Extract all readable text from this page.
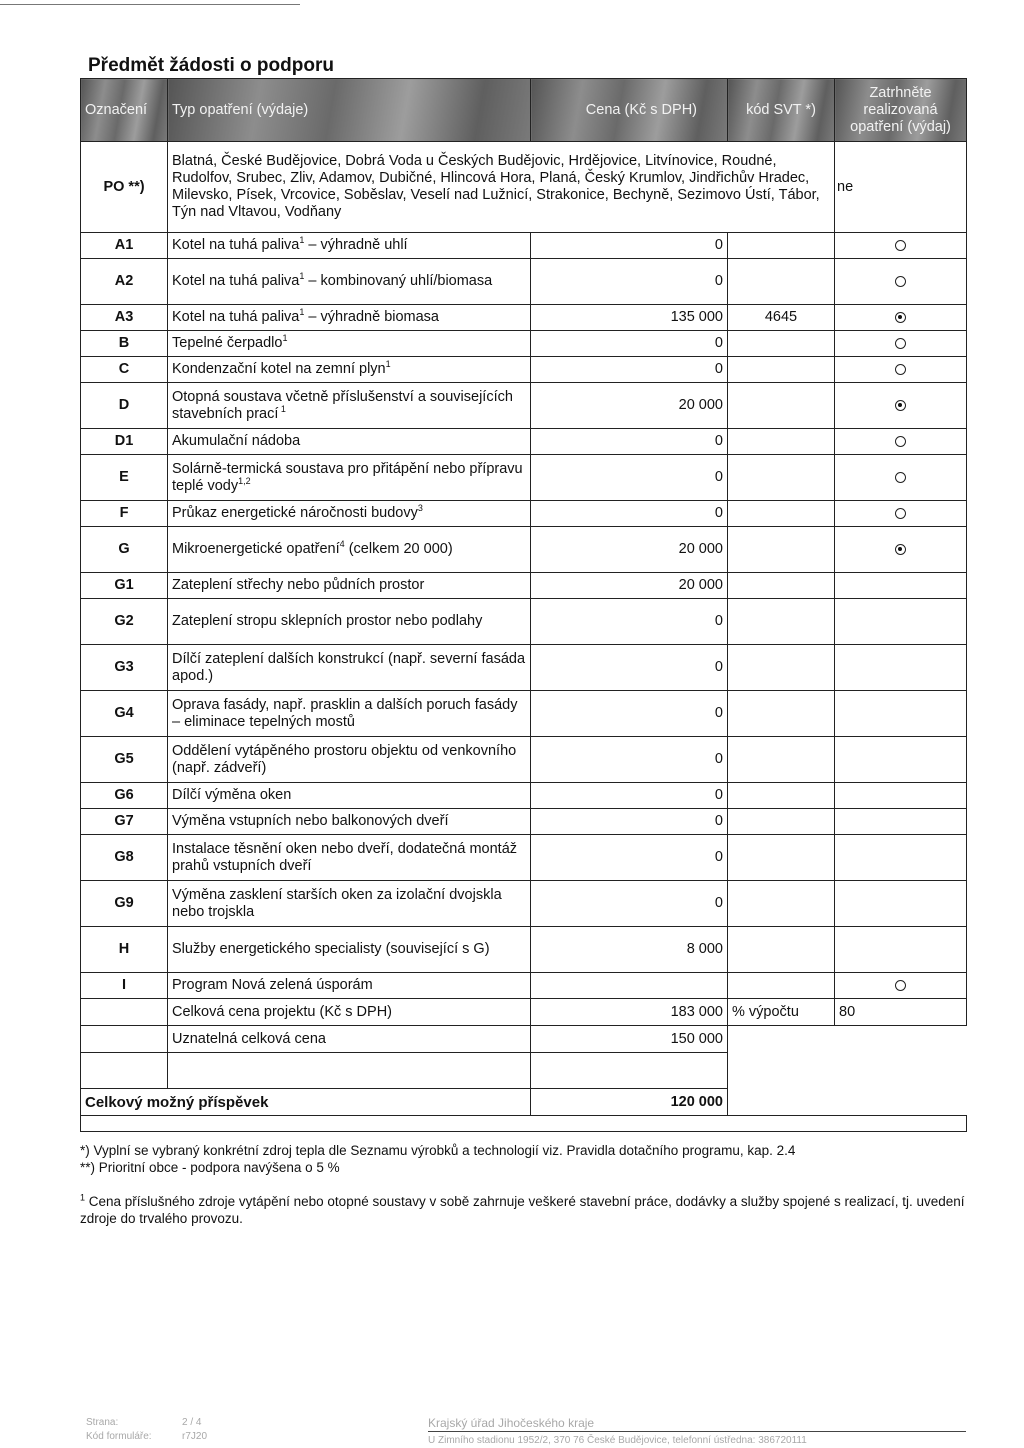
Předmět žádosti o podporu
Označení	Typ opatření (výdaje)	Cena (Kč s DPH)	kód SVT *)	Zatrhněte realizovaná opatření (výdaj)
PO **)	Blatná, České Budějovice, Dobrá Voda u Českých Budějovic, Hrdějovice, Litvínovice, Roudné, Rudolfov, Srubec, Zliv, Adamov, Dubičné, Hlincová Hora, Planá, Český Krumlov, Jindřichův Hradec, Milevsko, Písek, Vrcovice, Soběslav, Veselí nad Lužnicí, Strakonice, Bechyně, Sezimovo Ústí, Tábor, Týn nad Vltavou, Vodňany			ne
A1	Kotel na tuhá paliva$^1$ – výhradně uhlí	0		
A2	Kotel na tuhá paliva$^1$ – kombinovaný uhlí/biomasa	0		
A3	Kotel na tuhá paliva$^1$ – výhradně biomasa	135 000	4645	
B	Tepelné čerpadlo$^1$	0		
C	Kondenzační kotel na zemní plyn$^1$	0		
D	Otopná soustava včetně příslušenství a souvisejících stavebních prací $^1$	20 000		
D1	Akumulační nádoba	0		
E	Solárně-termická soustava pro přitápění nebo přípravu teplé vody$^{1,2}$	0		
F	Průkaz energetické náročnosti budovy$^3$	0		
G	Mikroenergetické opatření$^4$ (celkem 20 000)	20 000		
G1	Zateplení střechy nebo půdních prostor	20 000		
G2	Zateplení stropu sklepních prostor nebo podlahy	0		
G3	Dílčí zateplení dalších konstrukcí (např. severní fasáda apod.)	0		
G4	Oprava fasády, např. prasklin a dalších poruch fasády – eliminace tepelných mostů	0		
G5	Oddělení vytápěného prostoru objektu od venkovního (např. zádveří)	0		
G6	Dílčí výměna oken	0		
G7	Výměna vstupních nebo balkonových dveří	0		
G8	Instalace těsnění oken nebo dveří, dodatečná montáž prahů vstupních dveří	0		
G9	Výměna zasklení starších oken za izolační dvojskla nebo trojskla	0		
H	Služby energetického specialisty (související s G)	8 000		
I	Program Nová zelená úsporám			
	Celková cena projektu (Kč s DPH)	183 000	% výpočtu	80
	Uznatelná celková cena	150 000		

Celkový možný příspěvek		120 000		

*) Vyplní se vybraný konkrétní zdroj tepla dle Seznamu výrobků a technologií viz. Pravidla dotačního programu, kap. 2.4

**) Prioritní obce - podpora navýšena o 5 %

$^1$ Cena příslušného zdroje vytápění nebo otopné soustavy v sobě zahrnuje veškeré stavební práce, dodávky a služby spojené s realizací, tj. uvedení zdroje do trvalého provozu.

Strana:	2 / 4
Kód formuláře:	r7J20
Krajský úřad Jihočeského kraje
U Zimního stadionu 1952/2, 370 76 České Budějovice, telefonní ústředna: 386720111
